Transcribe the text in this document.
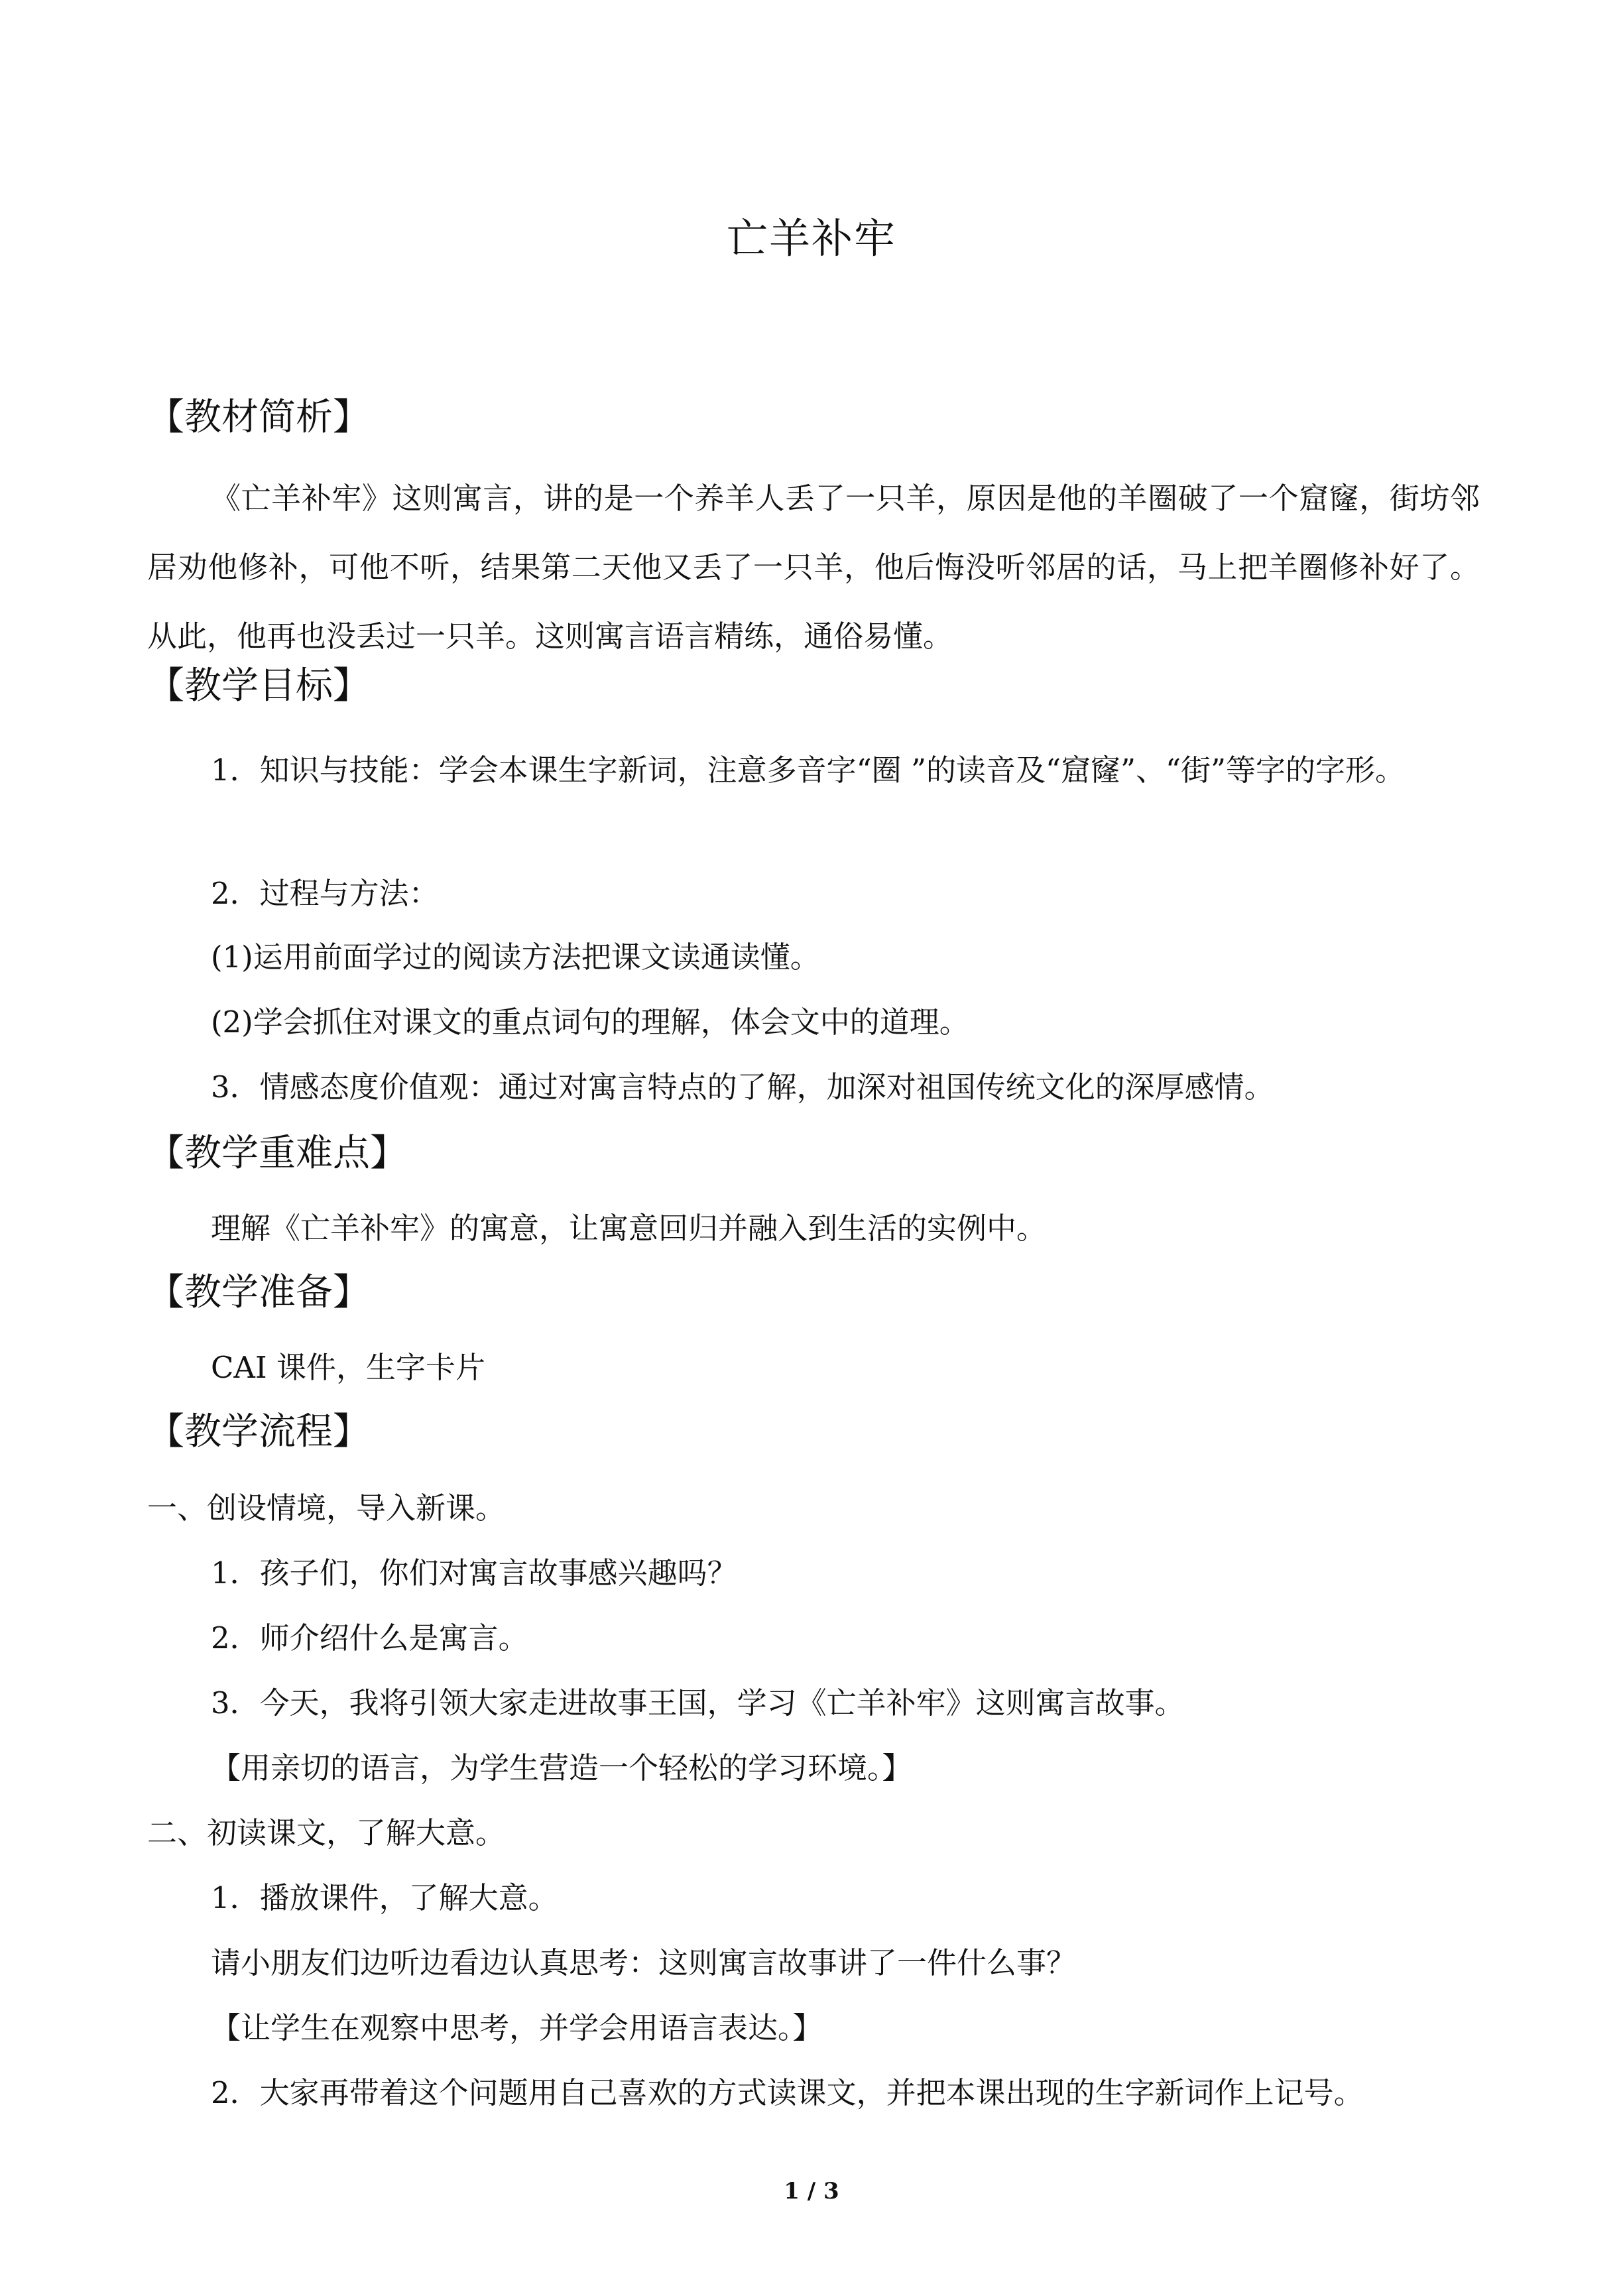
亡羊补牢
【教材简析】
《亡羊补牢》这则寓言，讲的是一个养羊人丢了一只羊，原因是他的羊圈破了一个窟窿，街坊邻居劝他修补，可他不听，结果第二天他又丢了一只羊，他后悔没听邻居的话，马上把羊圈修补好了。从此，他再也没丢过一只羊。这则寓言语言精练，通俗易懂。
【教学目标】
1．知识与技能：学会本课生字新词，注意多音字“圈 ”的读音及“窟窿”、“街”等字的字形。
2．过程与方法：
(1)运用前面学过的阅读方法把课文读通读懂。
(2)学会抓住对课文的重点词句的理解，体会文中的道理。
3．情感态度价值观：通过对寓言特点的了解，加深对祖国传统文化的深厚感情。
【教学重难点】
理解《亡羊补牢》的寓意，让寓意回归并融入到生活的实例中。
【教学准备】
CAI 课件，生字卡片
【教学流程】
一、创设情境，导入新课。
1．孩子们，你们对寓言故事感兴趣吗？
2．师介绍什么是寓言。
3．今天，我将引领大家走进故事王国，学习《亡羊补牢》这则寓言故事。
【用亲切的语言，为学生营造一个轻松的学习环境。】
二、初读课文，了解大意。
1．播放课件，了解大意。
请小朋友们边听边看边认真思考：这则寓言故事讲了一件什么事？
【让学生在观察中思考，并学会用语言表达。】
2．大家再带着这个问题用自己喜欢的方式读课文，并把本课出现的生字新词作上记号。
1 / 3
